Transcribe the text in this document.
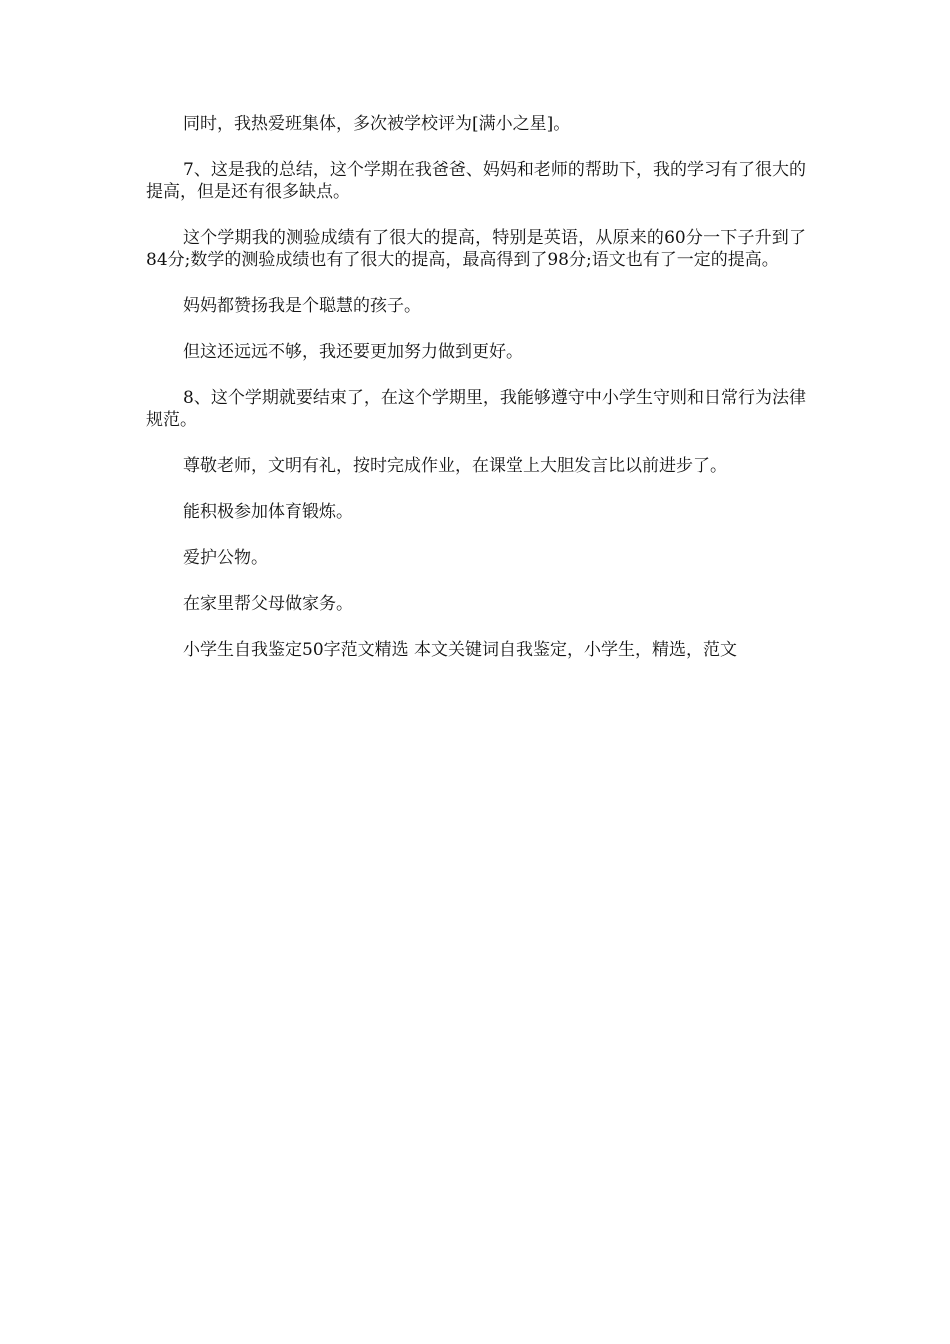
同时，我热爱班集体，多次被学校评为[满小之星]。

7、这是我的总结，这个学期在我爸爸、妈妈和老师的帮助下，我的学习有了很大的提高，但是还有很多缺点。

这个学期我的测验成绩有了很大的提高，特别是英语，从原来的60分一下子升到了84分;数学的测验成绩也有了很大的提高，最高得到了98分;语文也有了一定的提高。

妈妈都赞扬我是个聪慧的孩子。

但这还远远不够，我还要更加努力做到更好。

8、这个学期就要结束了，在这个学期里，我能够遵守中小学生守则和日常行为法律规范。

尊敬老师，文明有礼，按时完成作业，在课堂上大胆发言比以前进步了。

能积极参加体育锻炼。

爱护公物。

在家里帮父母做家务。

小学生自我鉴定50字范文精选 本文关键词自我鉴定，小学生，精选，范文
